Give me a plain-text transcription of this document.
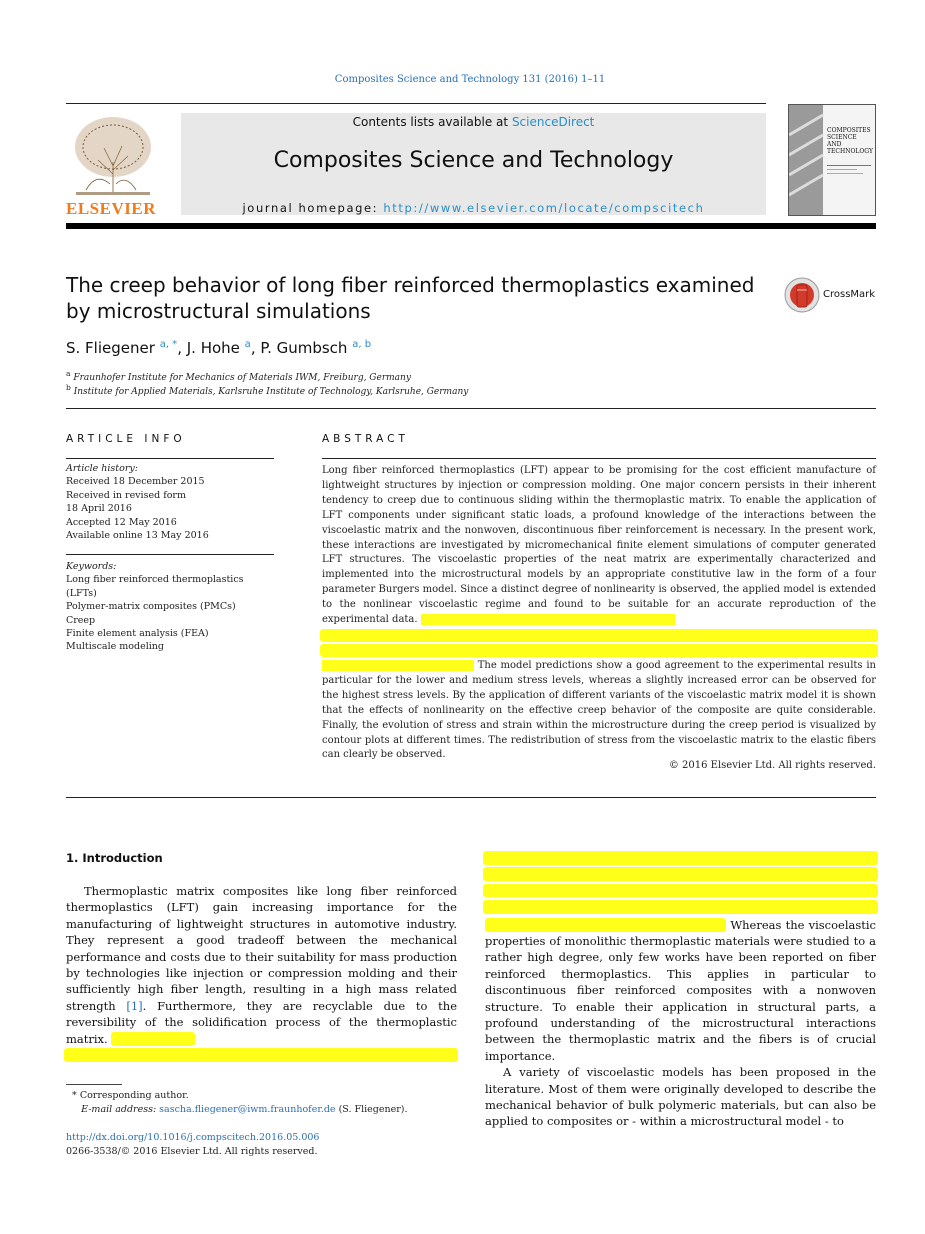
Composites Science and Technology 131 (2016) 1–11
ELSEVIER
Contents lists available at ScienceDirect
Composites Science and Technology
journal homepage: http://www.elsevier.com/locate/compscitech
COMPOSITES SCIENCE AND TECHNOLOGY
The creep behavior of long fiber reinforced thermoplastics examined by microstructural simulations
CrossMark
S. Fliegener $^{a, *}$, J. Hohe $^a$, P. Gumbsch $^{a, b}$
$^a$ Fraunhofer Institute for Mechanics of Materials IWM, Freiburg, Germany
$^b$ Institute for Applied Materials, Karlsruhe Institute of Technology, Karlsruhe, Germany
ARTICLE INFO
Article history:
Received 18 December 2015
Received in revised form
18 April 2016
Accepted 12 May 2016
Available online 13 May 2016
Keywords:
Long fiber reinforced thermoplastics (LFTs)
Polymer-matrix composites (PMCs)
Creep
Finite element analysis (FEA)
Multiscale modeling
ABSTRACT
Long fiber reinforced thermoplastics (LFT) appear to be promising for the cost efficient manufacture of lightweight structures by injection or compression molding. One major concern persists in their inherent tendency to creep due to continuous sliding within the thermoplastic matrix. To enable the application of LFT components under significant static loads, a profound knowledge of the interactions between the viscoelastic matrix and the nonwoven, discontinuous fiber reinforcement is necessary. In the present work, these interactions are investigated by micromechanical finite element simulations of computer generated LFT structures. The viscoelastic properties of the neat matrix are experimentally characterized and implemented into the microstructural models by an appropriate constitutive law in the form of a four parameter Burgers model. Since a distinct degree of nonlinearity is observed, the applied model is extended to the nonlinear viscoelastic regime and found to be suitable for an accurate reproduction of the experimental data.
The model predictions show a good agreement to the experimental results in particular for the lower and medium stress levels, whereas a slightly increased error can be observed for the highest stress levels. By the application of different variants of the viscoelastic matrix model it is shown that the effects of nonlinearity on the effective creep behavior of the composite are quite considerable. Finally, the evolution of stress and strain within the microstructure during the creep period is visualized by contour plots at different times. The redistribution of stress from the viscoelastic matrix to the elastic fibers can clearly be observed.
© 2016 Elsevier Ltd. All rights reserved.
1. Introduction

Thermoplastic matrix composites like long fiber reinforced thermoplastics (LFT) gain increasing importance for the manufacturing of lightweight structures in automotive industry. They represent a good tradeoff between the mechanical performance and costs due to their suitability for mass production by technologies like injection or compression molding and their sufficiently high fiber length, resulting in a high mass related strength [1]. Furthermore, they are recyclable due to the reversibility of the solidification process of the thermoplastic matrix.

Whereas the viscoelastic properties of monolithic thermoplastic materials were studied to a rather high degree, only few works have been reported on fiber reinforced thermoplastics. This applies in particular to discontinuous fiber reinforced composites with a nonwoven structure. To enable their application in structural parts, a profound understanding of the microstructural interactions between the thermoplastic matrix and the fibers is of crucial importance.

A variety of viscoelastic models has been proposed in the literature. Most of them were originally developed to describe the mechanical behavior of bulk polymeric materials, but can also be applied to composites or - within a microstructural model - to

* Corresponding author.
E-mail address: sascha.fliegener@iwm.fraunhofer.de (S. Fliegener).
http://dx.doi.org/10.1016/j.compscitech.2016.05.006
0266-3538/© 2016 Elsevier Ltd. All rights reserved.
